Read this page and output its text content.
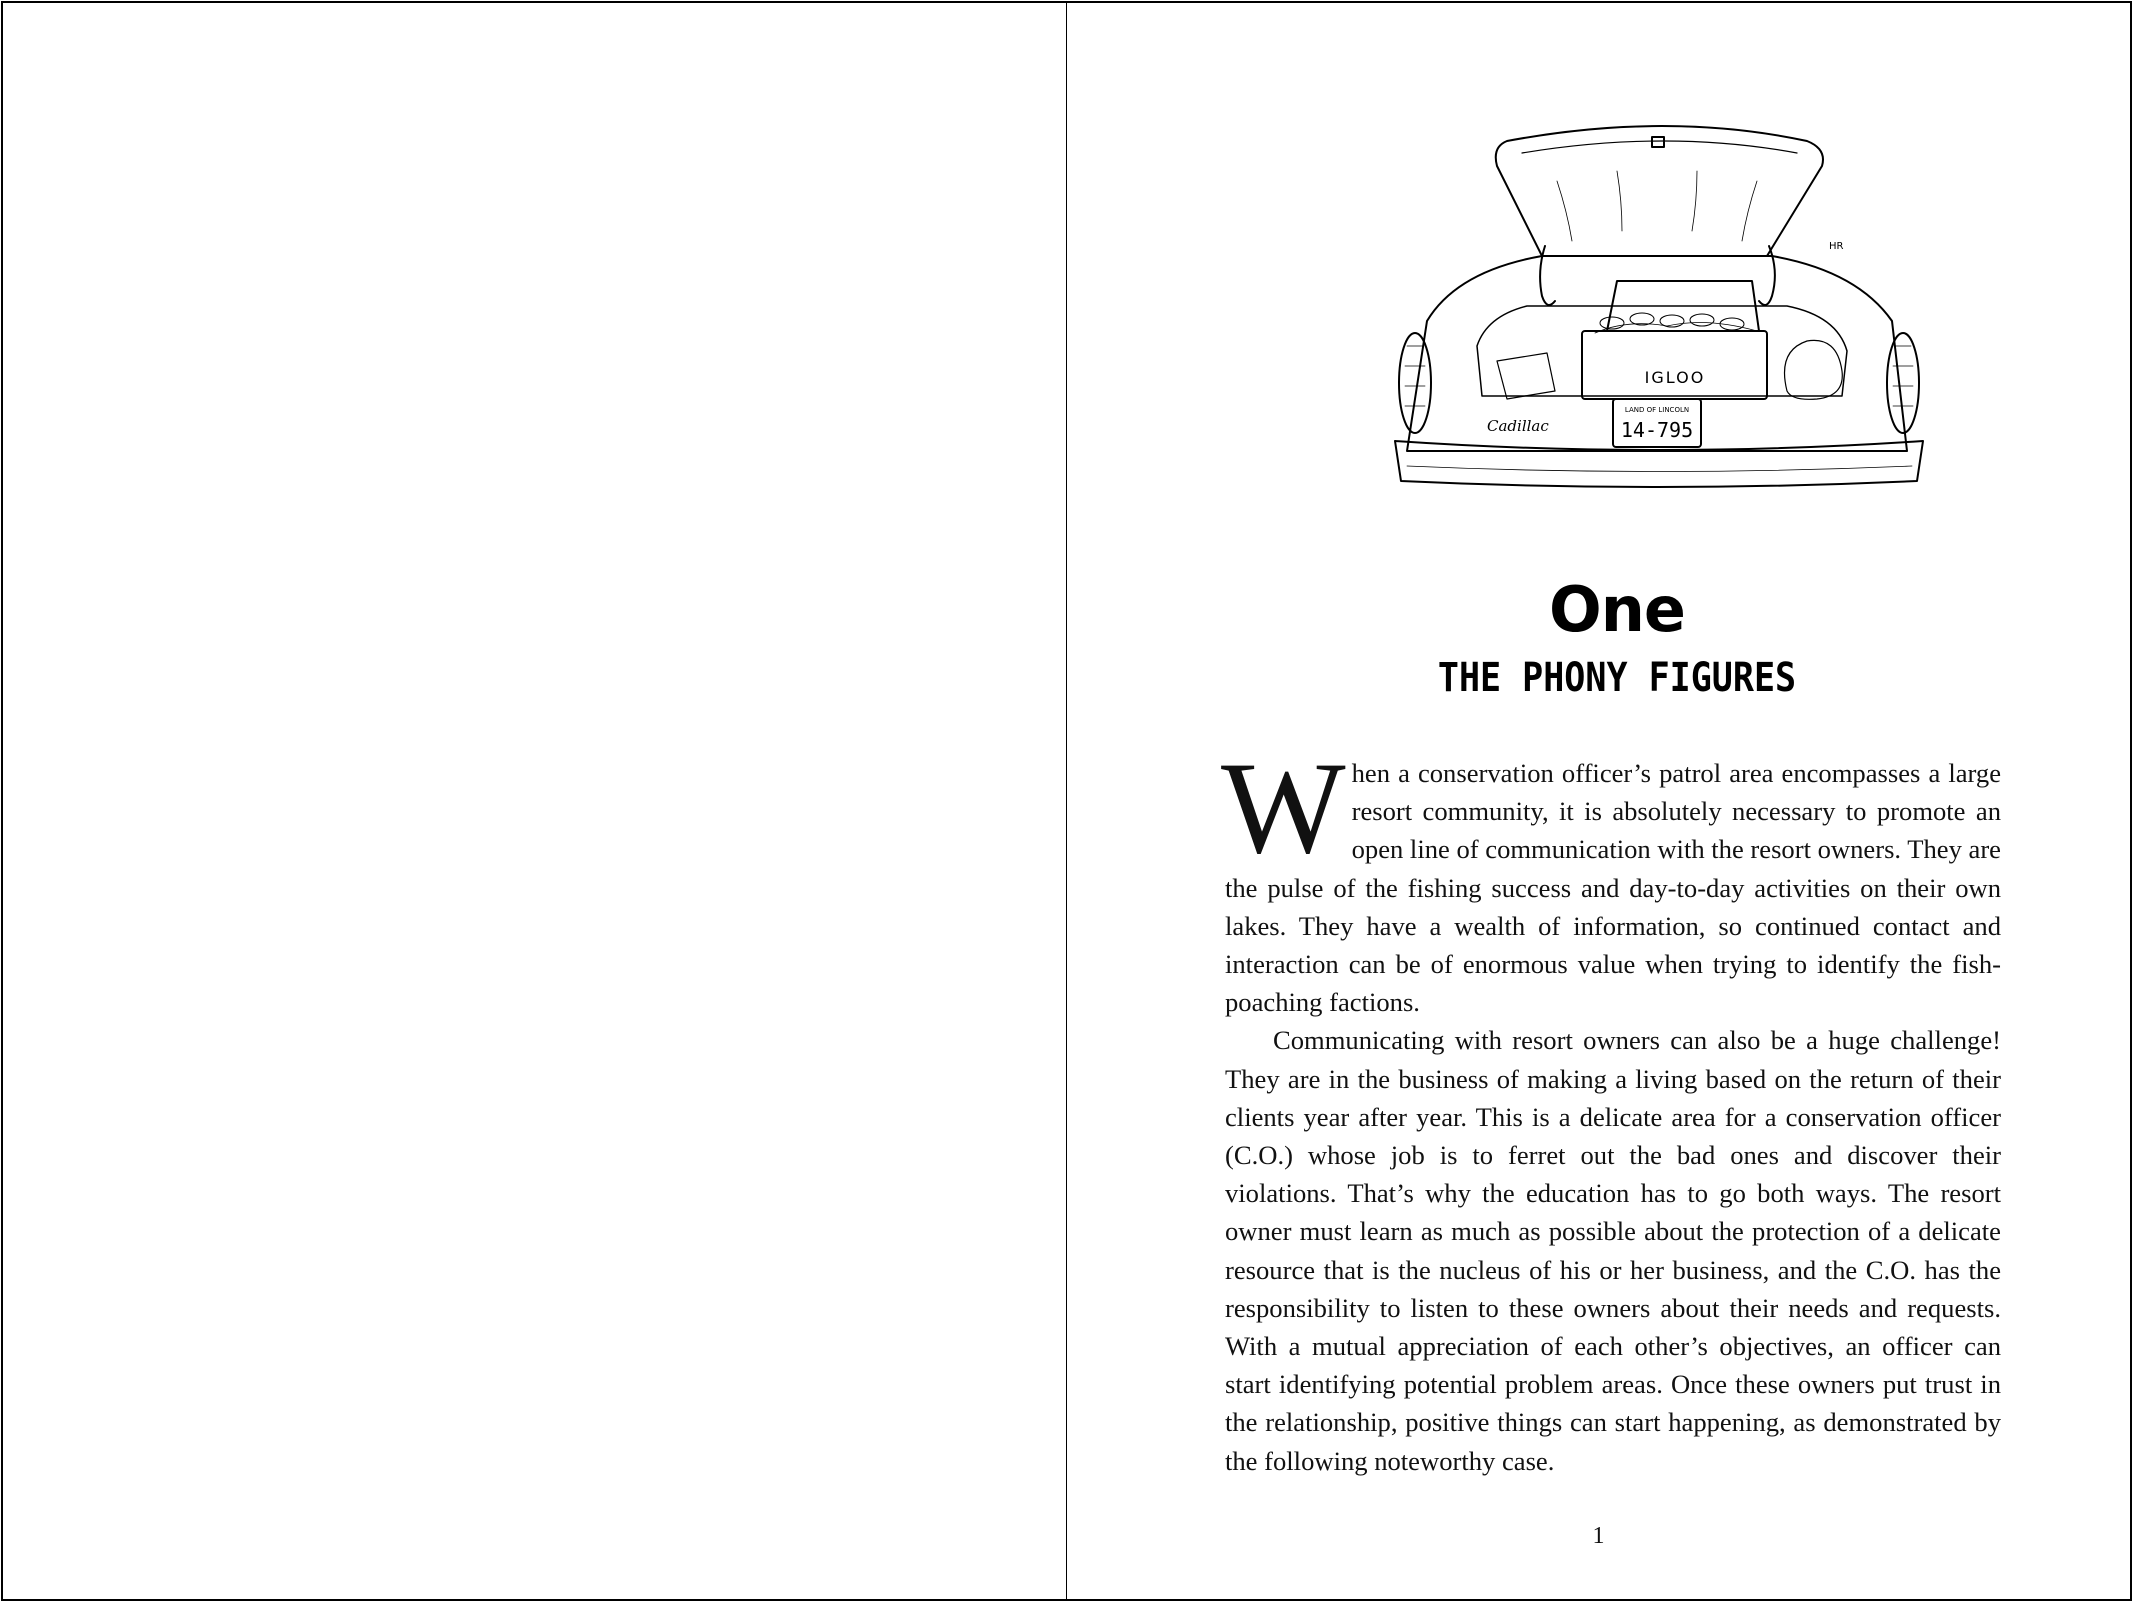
IGLOO
LAND OF LINCOLN
14-795
Cadillac
HR
One
THE PHONY FIGURES

When a conservation officer’s patrol area encompasses a large resort community, it is absolutely necessary to promote an open line of communication with the resort owners. They are the pulse of the fishing success and day-to-day activities on their own lakes. They have a wealth of information, so continued contact and interaction can be of enormous value when trying to identify the fish-poaching factions.

Communicating with resort owners can also be a huge challenge! They are in the business of making a living based on the return of their clients year after year. This is a delicate area for a conservation officer (C.O.) whose job is to ferret out the bad ones and discover their violations. That’s why the education has to go both ways. The resort owner must learn as much as possible about the protection of a delicate resource that is the nucleus of his or her business, and the C.O. has the responsibility to listen to these owners about their needs and requests. With a mutual appreciation of each other’s objectives, an officer can start identifying potential problem areas. Once these owners put trust in the relationship, positive things can start happening, as demonstrated by the following noteworthy case.

1
